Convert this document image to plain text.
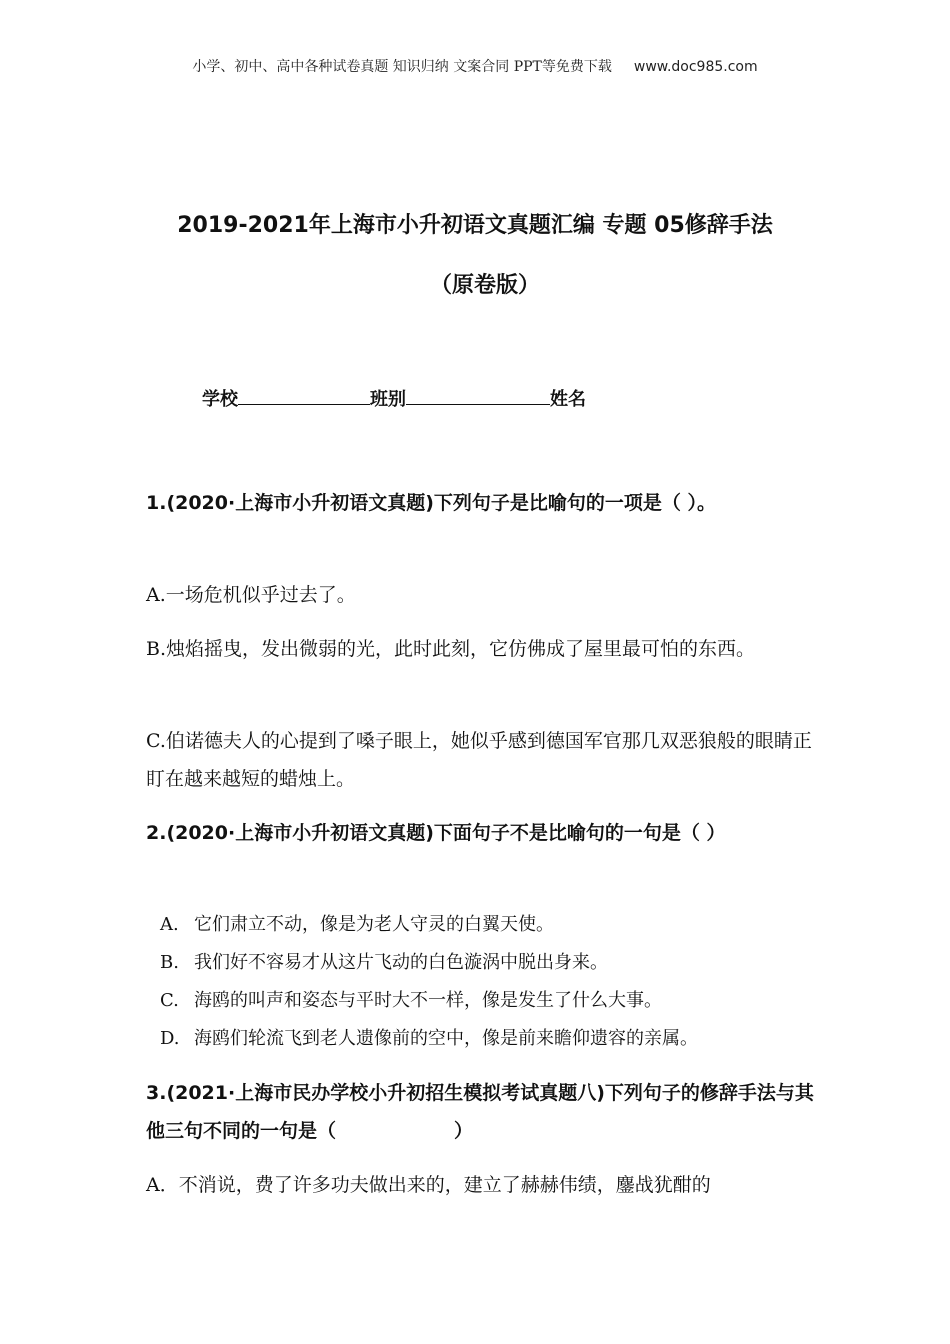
小学、初中、高中各种试卷真题 知识归纳 文案合同 PPT等免费下载 www.doc985.com
2019-2021年上海市小升初语文真题汇编 专题 05修辞手法
（原卷版）
学校	班别	姓名
1.(2020·上海市小升初语文真题)下列句子是比喻句的一项是（ ）。
A.一场危机似乎过去了。
B.烛焰摇曳，发出微弱的光，此时此刻，它仿佛成了屋里最可怕的东西。
C.伯诺德夫人的心提到了嗓子眼上，她似乎感到德国军官那几双恶狼般的眼睛正盯在越来越短的蜡烛上。
2.(2020·上海市小升初语文真题)下面句子不是比喻句的一句是（ ）
A. 它们肃立不动，像是为老人守灵的白翼天使。
B. 我们好不容易才从这片飞动的白色漩涡中脱出身来。
C. 海鸥的叫声和姿态与平时大不一样，像是发生了什么大事。
D. 海鸥们轮流飞到老人遗像前的空中，像是前来瞻仰遗容的亲属。
3.(2021·上海市民办学校小升初招生模拟考试真题八)下列句子的修辞手法与其他三句不同的一句是（	）
A．不消说，费了许多功夫做出来的，建立了赫赫伟绩，鏖战犹酣的
